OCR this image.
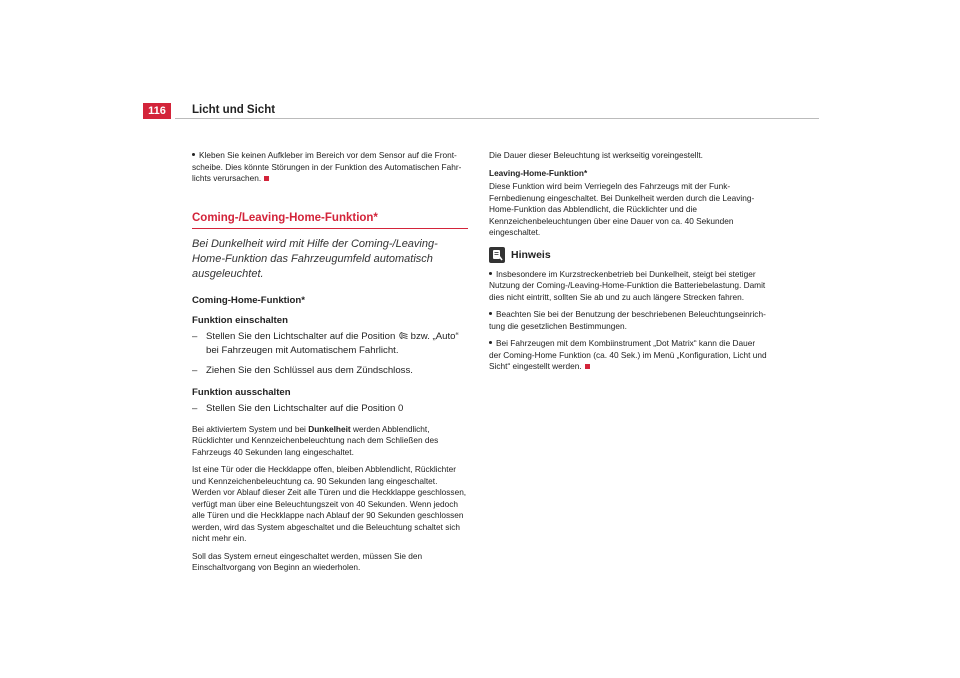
116	Licht und Sicht

Kleben Sie keinen Aufkleber im Bereich vor dem Sensor auf die Frontscheibe. Dies könnte Störungen in der Funktion des Automatischen Fahrlichts verursachen.

Coming-/Leaving-Home-Funktion*
Bei Dunkelheit wird mit Hilfe der Coming-/Leaving-Home-Funktion das Fahrzeugumfeld automatisch ausgeleuchtet.

Coming-Home-Funktion*

Funktion einschalten

– Stellen Sie den Lichtschalter auf die Position bzw. „Auto“ bei Fahrzeugen mit Automatischem Fahrlicht.
– Ziehen Sie den Schlüssel aus dem Zündschloss.

Funktion ausschalten

– Stellen Sie den Lichtschalter auf die Position 0

Bei aktiviertem System und bei Dunkelheit werden Abblendlicht, Rücklichter und Kennzeichenbeleuchtung nach dem Schließen des Fahrzeugs 40 Sekunden lang eingeschaltet.

Ist eine Tür oder die Heckklappe offen, bleiben Abblendlicht, Rücklichter und Kennzeichenbeleuchtung ca. 90 Sekunden lang eingeschaltet. Werden vor Ablauf dieser Zeit alle Türen und die Heckklappe geschlossen, verfügt man über eine Beleuchtungszeit von 40 Sekunden. Wenn jedoch alle Türen und die Heckklappe nach Ablauf der 90 Sekunden geschlossen werden, wird das System abgeschaltet und die Beleuchtung schaltet sich nicht mehr ein.

Soll das System erneut eingeschaltet werden, müssen Sie den Einschaltvorgang von Beginn an wiederholen.

Die Dauer dieser Beleuchtung ist werkseitig voreingestellt.

Leaving-Home-Funktion*

Diese Funktion wird beim Verriegeln des Fahrzeugs mit der Funk-Fernbedienung eingeschaltet. Bei Dunkelheit werden durch die Leaving-Home-Funktion das Abblendlicht, die Rücklichter und die Kennzeichenbeleuchtungen über eine Dauer von ca. 40 Sekunden eingeschaltet.

Hinweis

Insbesondere im Kurzstreckenbetrieb bei Dunkelheit, steigt bei stetiger Nutzung der Coming-/Leaving-Home-Funktion die Batteriebelastung. Damit dies nicht eintritt, sollten Sie ab und zu auch längere Strecken fahren.

Beachten Sie bei der Benutzung der beschriebenen Beleuchtungseinrichtung die gesetzlichen Bestimmungen.

Bei Fahrzeugen mit dem Kombiinstrument „Dot Matrix“ kann die Dauer der Coming-Home Funktion (ca. 40 Sek.) im Menü „Konfiguration, Licht und Sicht“ eingestellt werden.
